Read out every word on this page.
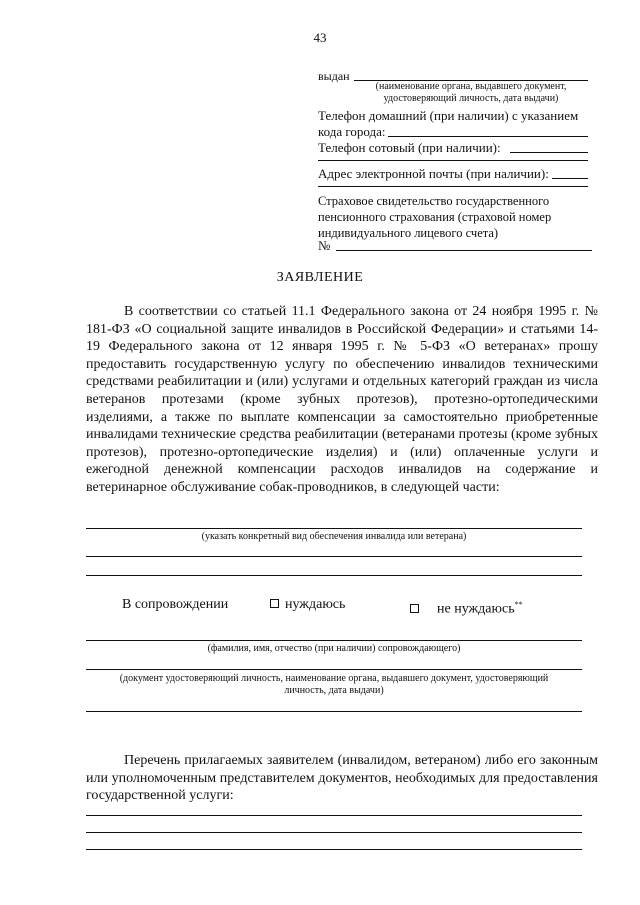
43
выдан
(наименование органа, выдавшего документ,
удостоверяющий личность, дата выдачи)
Телефон домашний (при наличии) с указанием
кода города:
Телефон сотовый (при наличии):
Адрес электронной почты (при наличии):
Страховое свидетельство государственного
пенсионного страхования (страховой номер
индивидуального лицевого счета)
№
ЗАЯВЛЕНИЕ
В соответствии со статьей 11.1 Федерального закона от 24 ноября 1995 г. № 181-ФЗ «О социальной защите инвалидов в Российской Федерации» и статьями 14-19 Федерального закона от 12 января 1995 г. № 5-ФЗ «О ветеранах» прошу предоставить государственную услугу по обеспечению инвалидов техническими средствами реабилитации и (или) услугами и отдельных категорий граждан из числа ветеранов протезами (кроме зубных протезов), протезно-ортопедическими изделиями, а также по выплате компенсации за самостоятельно приобретенные инвалидами технические средства реабилитации (ветеранами протезы (кроме зубных протезов), протезно-ортопедические изделия) и (или) оплаченные услуги и ежегодной денежной компенсации расходов инвалидов на содержание и ветеринарное обслуживание собак-проводников, в следующей части:
(указать конкретный вид обеспечения инвалида или ветерана)
В сопровождении	нуждаюсь	не нуждаюсь**
(фамилия, имя, отчество (при наличии) сопровождающего)
(документ удостоверяющий личность, наименование органа, выдавшего документ, удостоверяющий
личность, дата выдачи)
Перечень прилагаемых заявителем (инвалидом, ветераном) либо его законным или уполномоченным представителем документов, необходимых для предоставления государственной услуги:
